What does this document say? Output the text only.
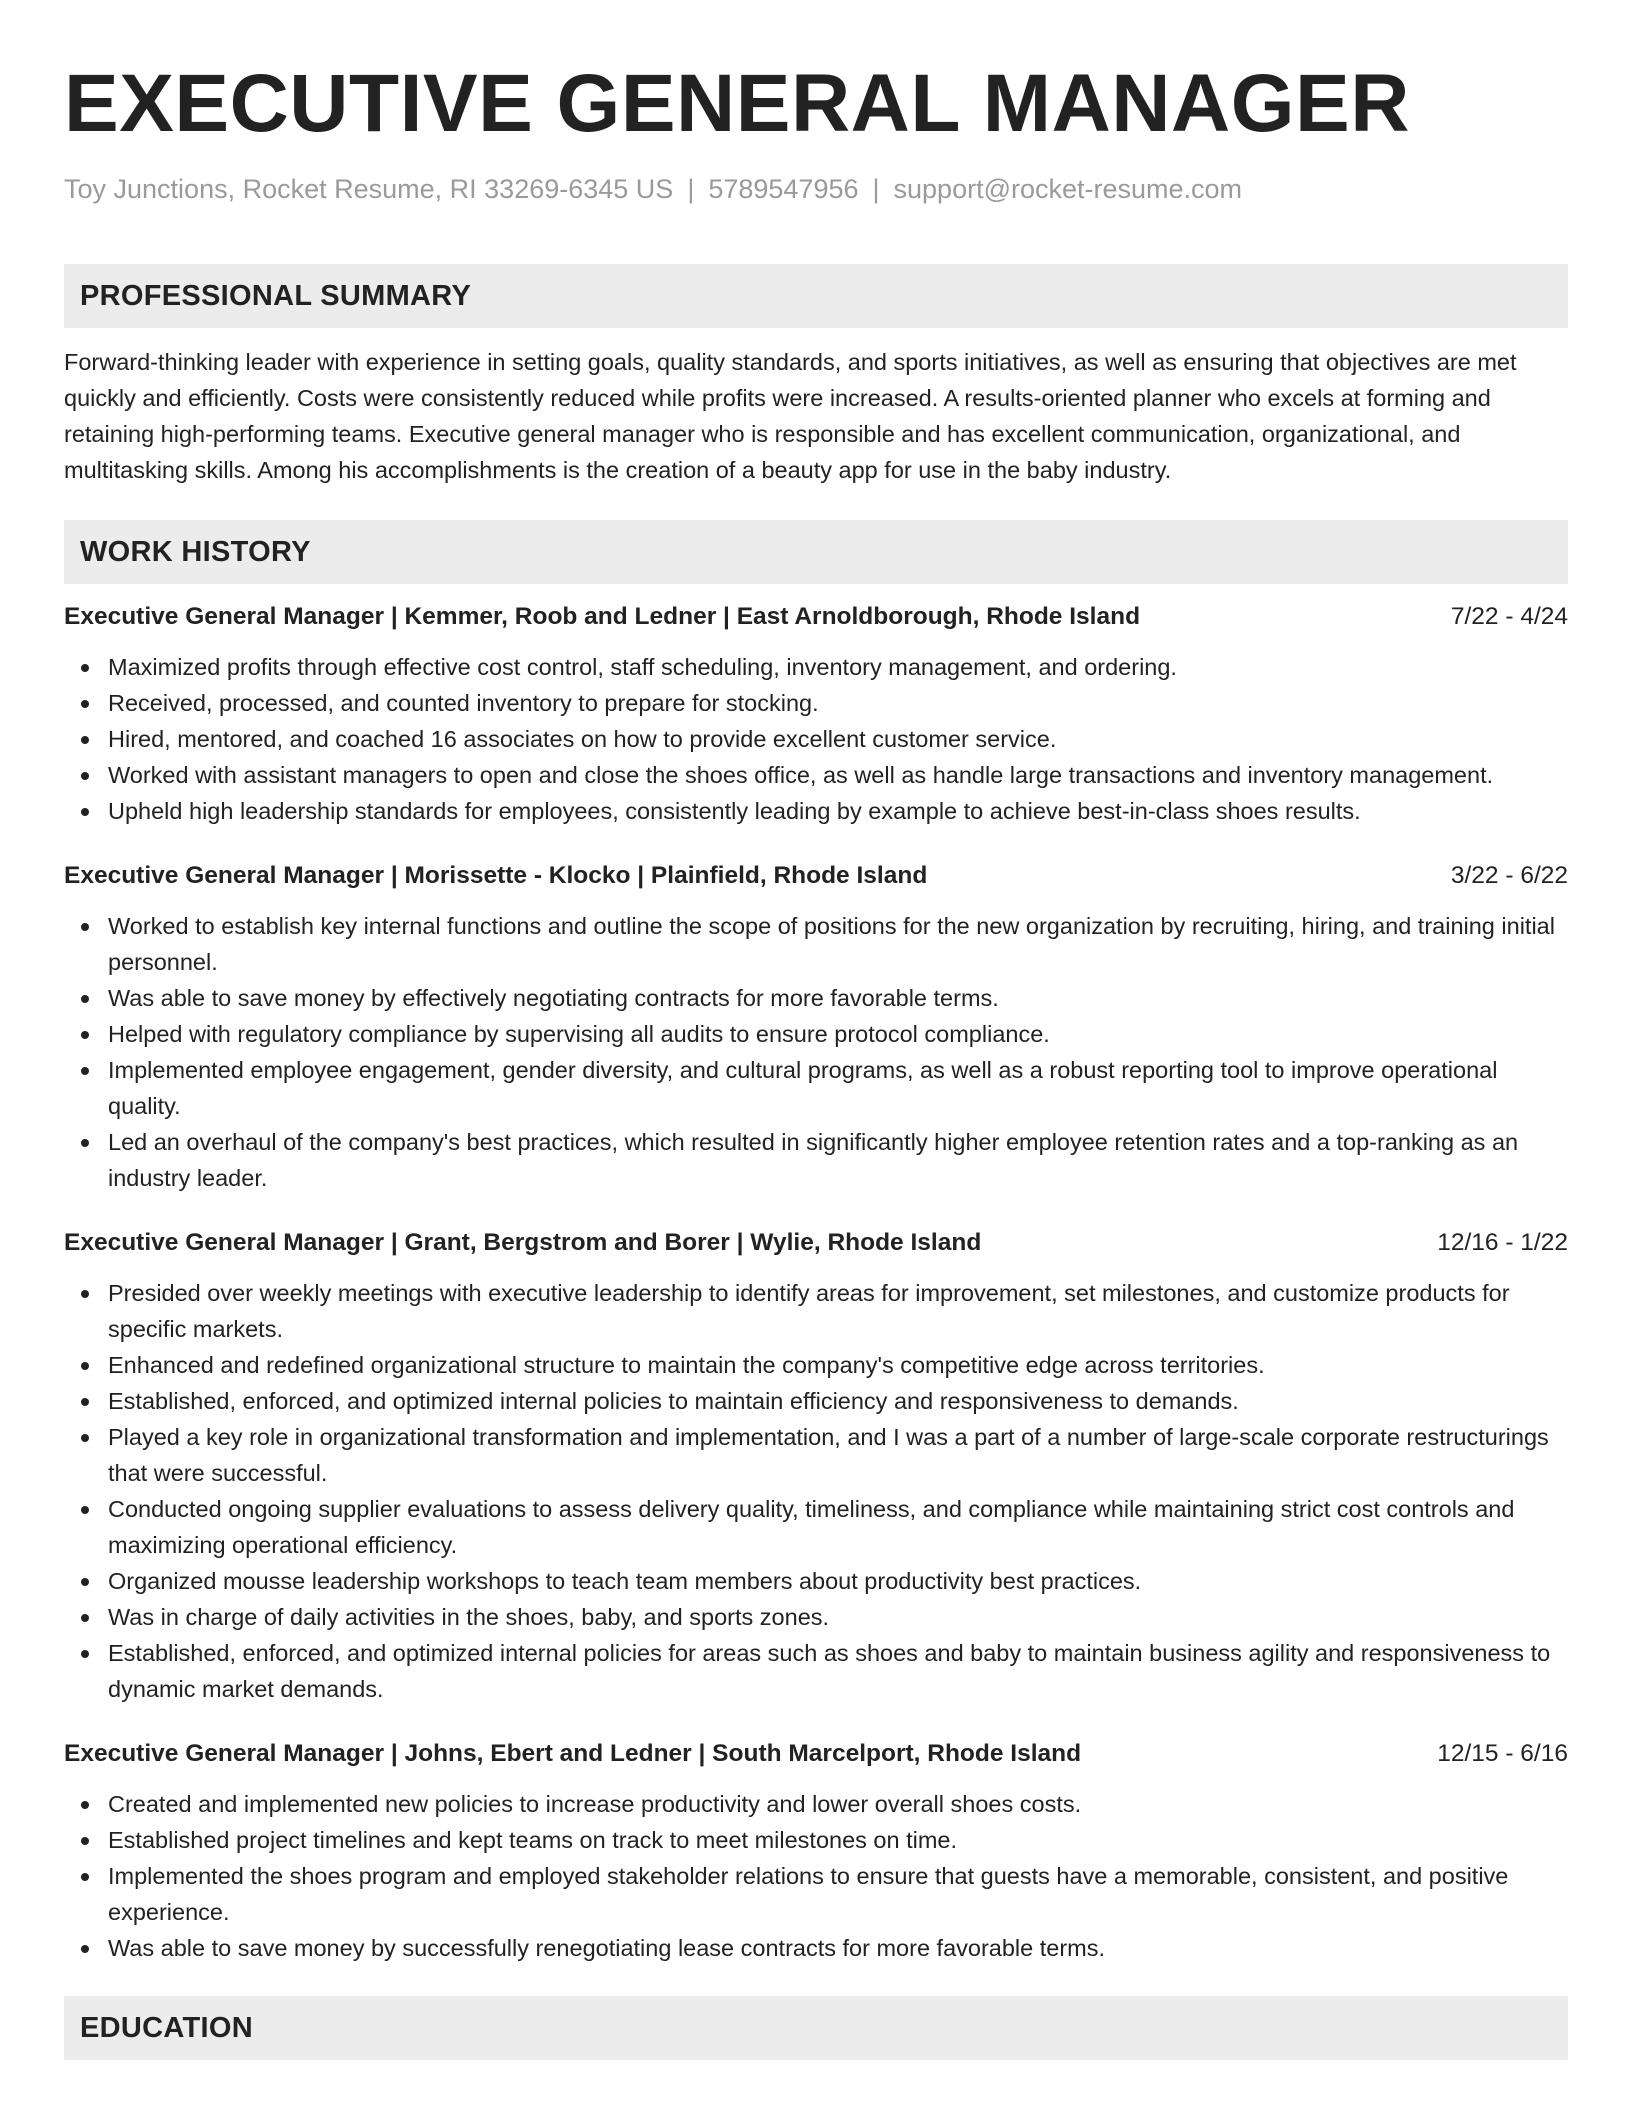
EXECUTIVE GENERAL MANAGER
Toy Junctions, Rocket Resume, RI 33269-6345 US | 5789547956 | support@rocket-resume.com
PROFESSIONAL SUMMARY

Forward-thinking leader with experience in setting goals, quality standards, and sports initiatives, as well as ensuring that objectives are met quickly and efficiently. Costs were consistently reduced while profits were increased. A results-oriented planner who excels at forming and retaining high-performing teams. Executive general manager who is responsible and has excellent communication, organizational, and multitasking skills. Among his accomplishments is the creation of a beauty app for use in the baby industry.

WORK HISTORY
Executive General Manager | Kemmer, Roob and Ledner | East Arnoldborough, Rhode Island	7/22 - 4/24
Maximized profits through effective cost control, staff scheduling, inventory management, and ordering.
Received, processed, and counted inventory to prepare for stocking.
Hired, mentored, and coached 16 associates on how to provide excellent customer service.
Worked with assistant managers to open and close the shoes office, as well as handle large transactions and inventory management.
Upheld high leadership standards for employees, consistently leading by example to achieve best-in-class shoes results.
Executive General Manager | Morissette - Klocko | Plainfield, Rhode Island	3/22 - 6/22
Worked to establish key internal functions and outline the scope of positions for the new organization by recruiting, hiring, and training initial personnel.
Was able to save money by effectively negotiating contracts for more favorable terms.
Helped with regulatory compliance by supervising all audits to ensure protocol compliance.
Implemented employee engagement, gender diversity, and cultural programs, as well as a robust reporting tool to improve operational quality.
Led an overhaul of the company's best practices, which resulted in significantly higher employee retention rates and a top-ranking as an industry leader.
Executive General Manager | Grant, Bergstrom and Borer | Wylie, Rhode Island	12/16 - 1/22
Presided over weekly meetings with executive leadership to identify areas for improvement, set milestones, and customize products for specific markets.
Enhanced and redefined organizational structure to maintain the company's competitive edge across territories.
Established, enforced, and optimized internal policies to maintain efficiency and responsiveness to demands.
Played a key role in organizational transformation and implementation, and I was a part of a number of large-scale corporate restructurings that were successful.
Conducted ongoing supplier evaluations to assess delivery quality, timeliness, and compliance while maintaining strict cost controls and maximizing operational efficiency.
Organized mousse leadership workshops to teach team members about productivity best practices.
Was in charge of daily activities in the shoes, baby, and sports zones.
Established, enforced, and optimized internal policies for areas such as shoes and baby to maintain business agility and responsiveness to dynamic market demands.
Executive General Manager | Johns, Ebert and Ledner | South Marcelport, Rhode Island	12/15 - 6/16
Created and implemented new policies to increase productivity and lower overall shoes costs.
Established project timelines and kept teams on track to meet milestones on time.
Implemented the shoes program and employed stakeholder relations to ensure that guests have a memorable, consistent, and positive experience.
Was able to save money by successfully renegotiating lease contracts for more favorable terms.
EDUCATION
